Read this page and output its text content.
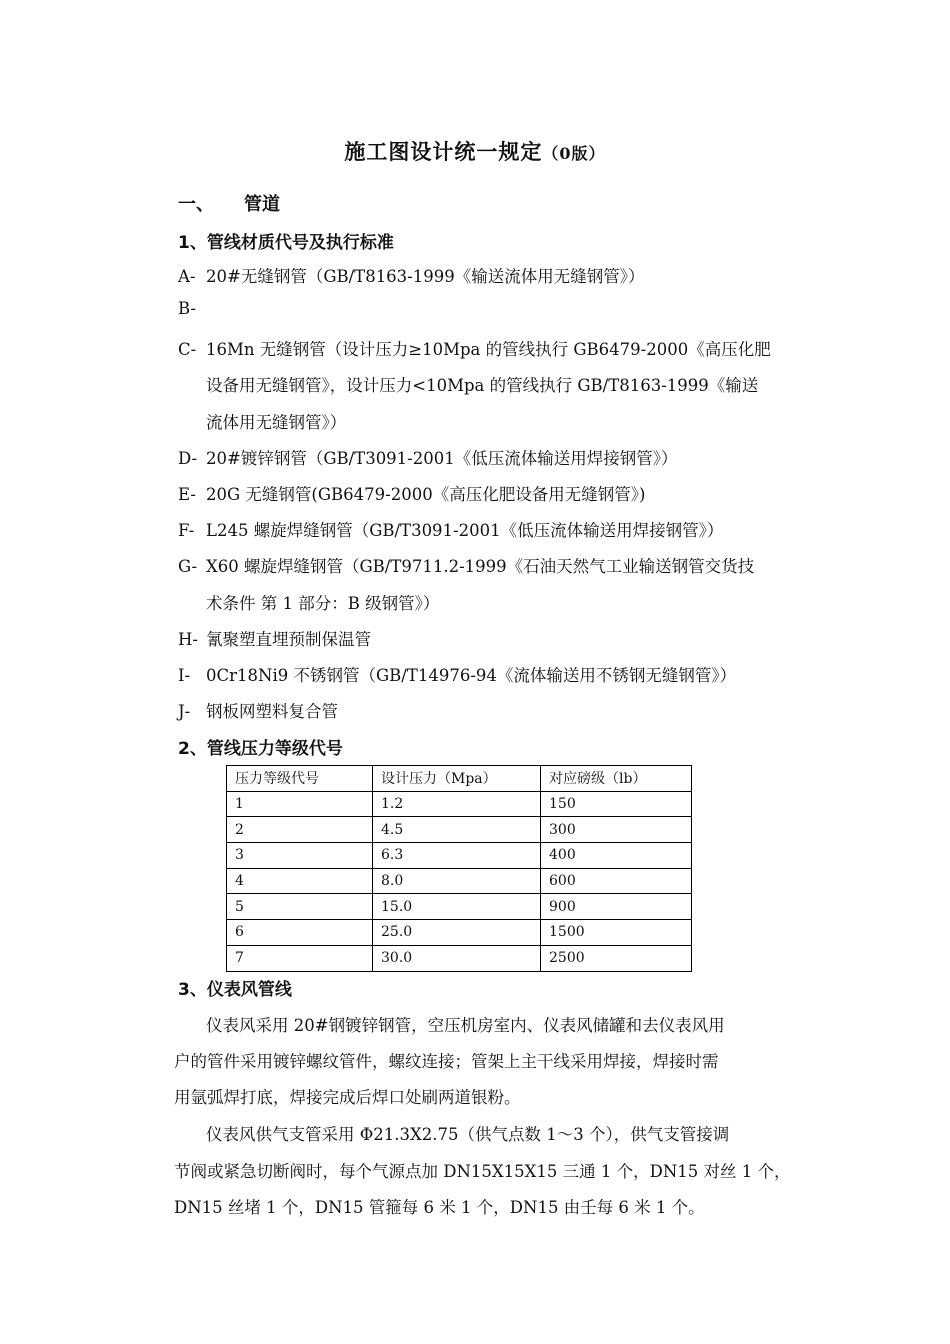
施工图设计统一规定（0版）
一、 管道
1、管线材质代号及执行标准
A- 20#无缝钢管（GB/T8163-1999《输送流体用无缝钢管》）
B-
C- 16Mn 无缝钢管（设计压力≥10Mpa 的管线执行 GB6479-2000《高压化肥
设备用无缝钢管》，设计压力<10Mpa 的管线执行 GB/T8163-1999《输送
流体用无缝钢管》）
D- 20#镀锌钢管（GB/T3091-2001《低压流体输送用焊接钢管》）
E- 20G 无缝钢管(GB6479-2000《高压化肥设备用无缝钢管》)
F- L245 螺旋焊缝钢管（GB/T3091-2001《低压流体输送用焊接钢管》）
G- X60 螺旋焊缝钢管（GB/T9711.2-1999《石油天然气工业输送钢管交货技
术条件 第 1 部分：B 级钢管》）
H- 氰聚塑直埋预制保温管
I- 0Cr18Ni9 不锈钢管（GB/T14976-94《流体输送用不锈钢无缝钢管》）
J- 钢板网塑料复合管
2、管线压力等级代号
压力等级代号	设计压力（Mpa）	对应磅级（lb）
1	1.2	150
2	4.5	300
3	6.3	400
4	8.0	600
5	15.0	900
6	25.0	1500
7	30.0	2500
3、仪表风管线
仪表风采用 20#钢镀锌钢管，空压机房室内、仪表风储罐和去仪表风用
户的管件采用镀锌螺纹管件，螺纹连接；管架上主干线采用焊接，焊接时需
用氩弧焊打底，焊接完成后焊口处刷两道银粉。
仪表风供气支管采用 Φ21.3X2.75（供气点数 1～3 个），供气支管接调
节阀或紧急切断阀时，每个气源点加 DN15X15X15 三通 1 个，DN15 对丝 1 个，
DN15 丝堵 1 个，DN15 管箍每 6 米 1 个，DN15 由壬每 6 米 1 个。
